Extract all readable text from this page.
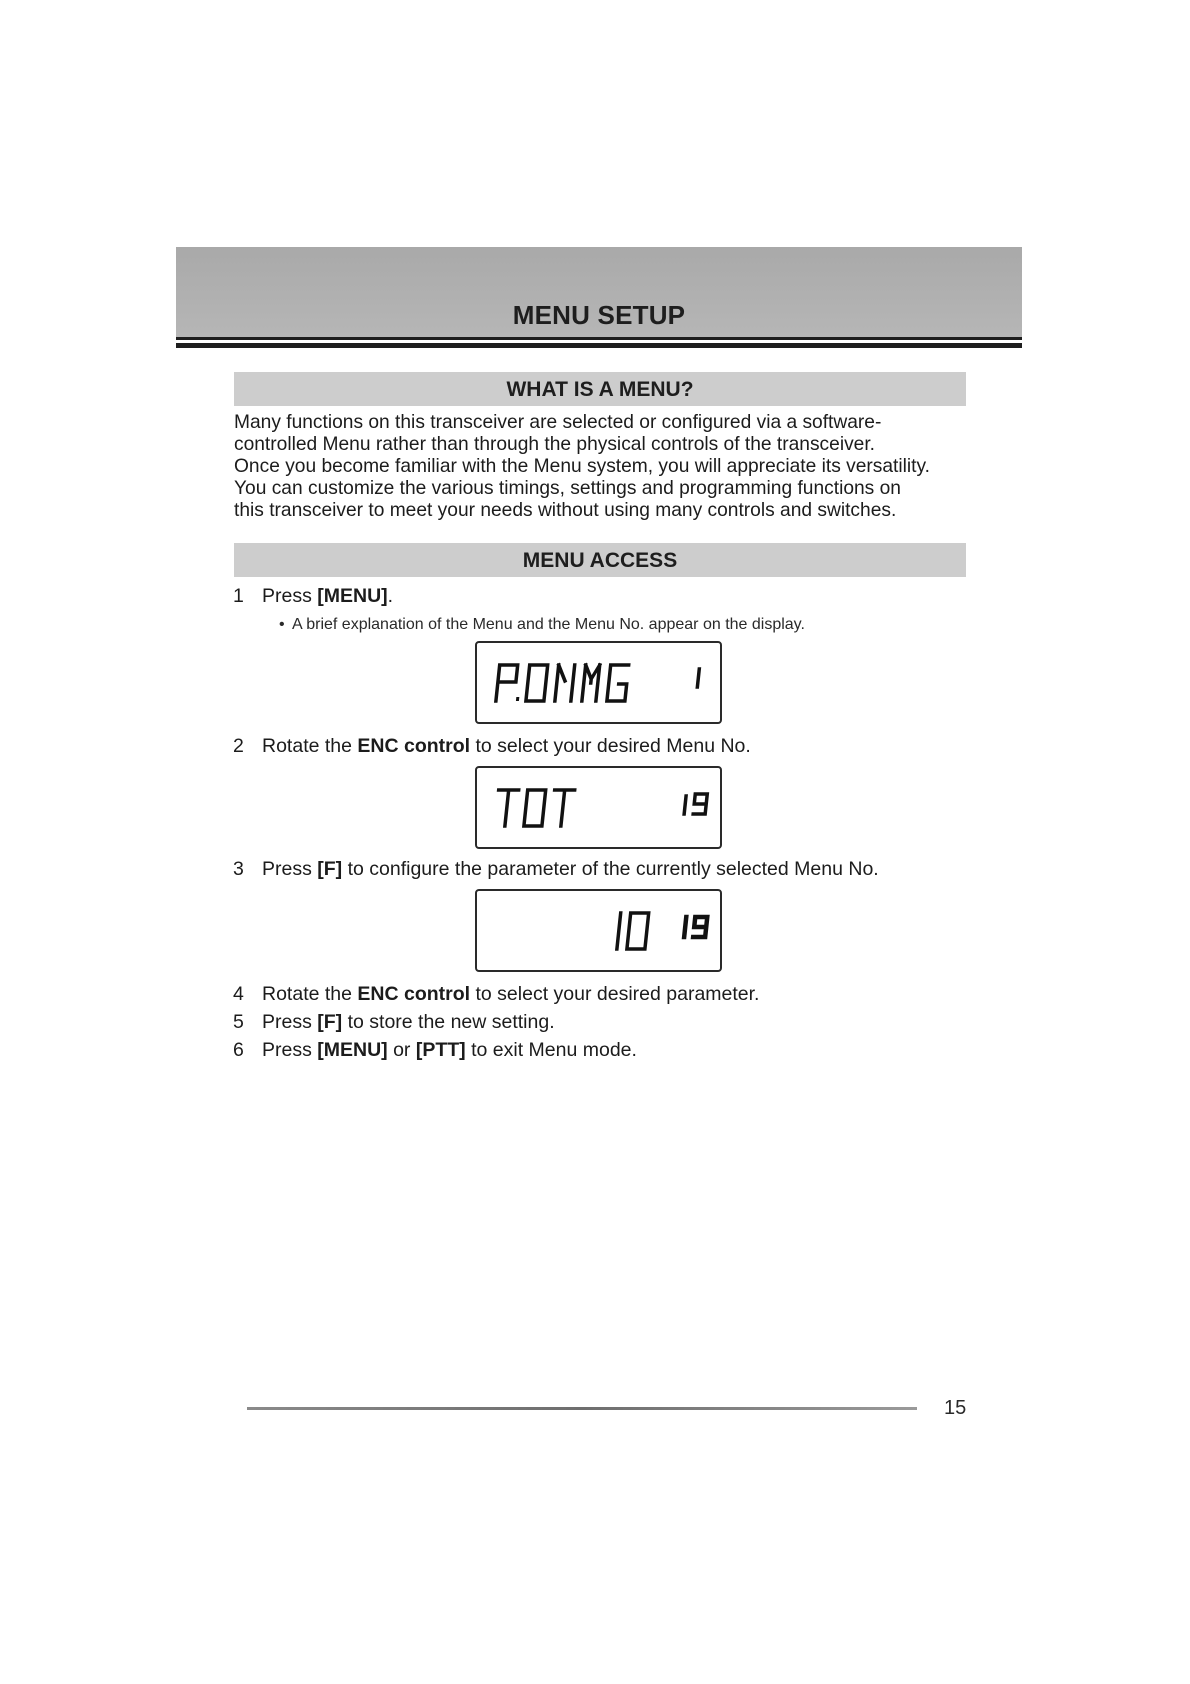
MENU SETUP
WHAT IS A MENU?
Many functions on this transceiver are selected or configured via a software-
controlled Menu rather than through the physical controls of the transceiver.
Once you become familiar with the Menu system, you will appreciate its versatility.
You can customize the various timings, settings and programming functions on
this transceiver to meet your needs without using many controls and switches.
MENU ACCESS
1 Press [MENU].
• A brief explanation of the Menu and the Menu No. appear on the display.
2 Rotate the ENC control to select your desired Menu No.
3 Press [F] to configure the parameter of the currently selected Menu No.
4 Rotate the ENC control to select your desired parameter.
5 Press [F] to store the new setting.
6 Press [MENU] or [PTT] to exit Menu mode.
15
